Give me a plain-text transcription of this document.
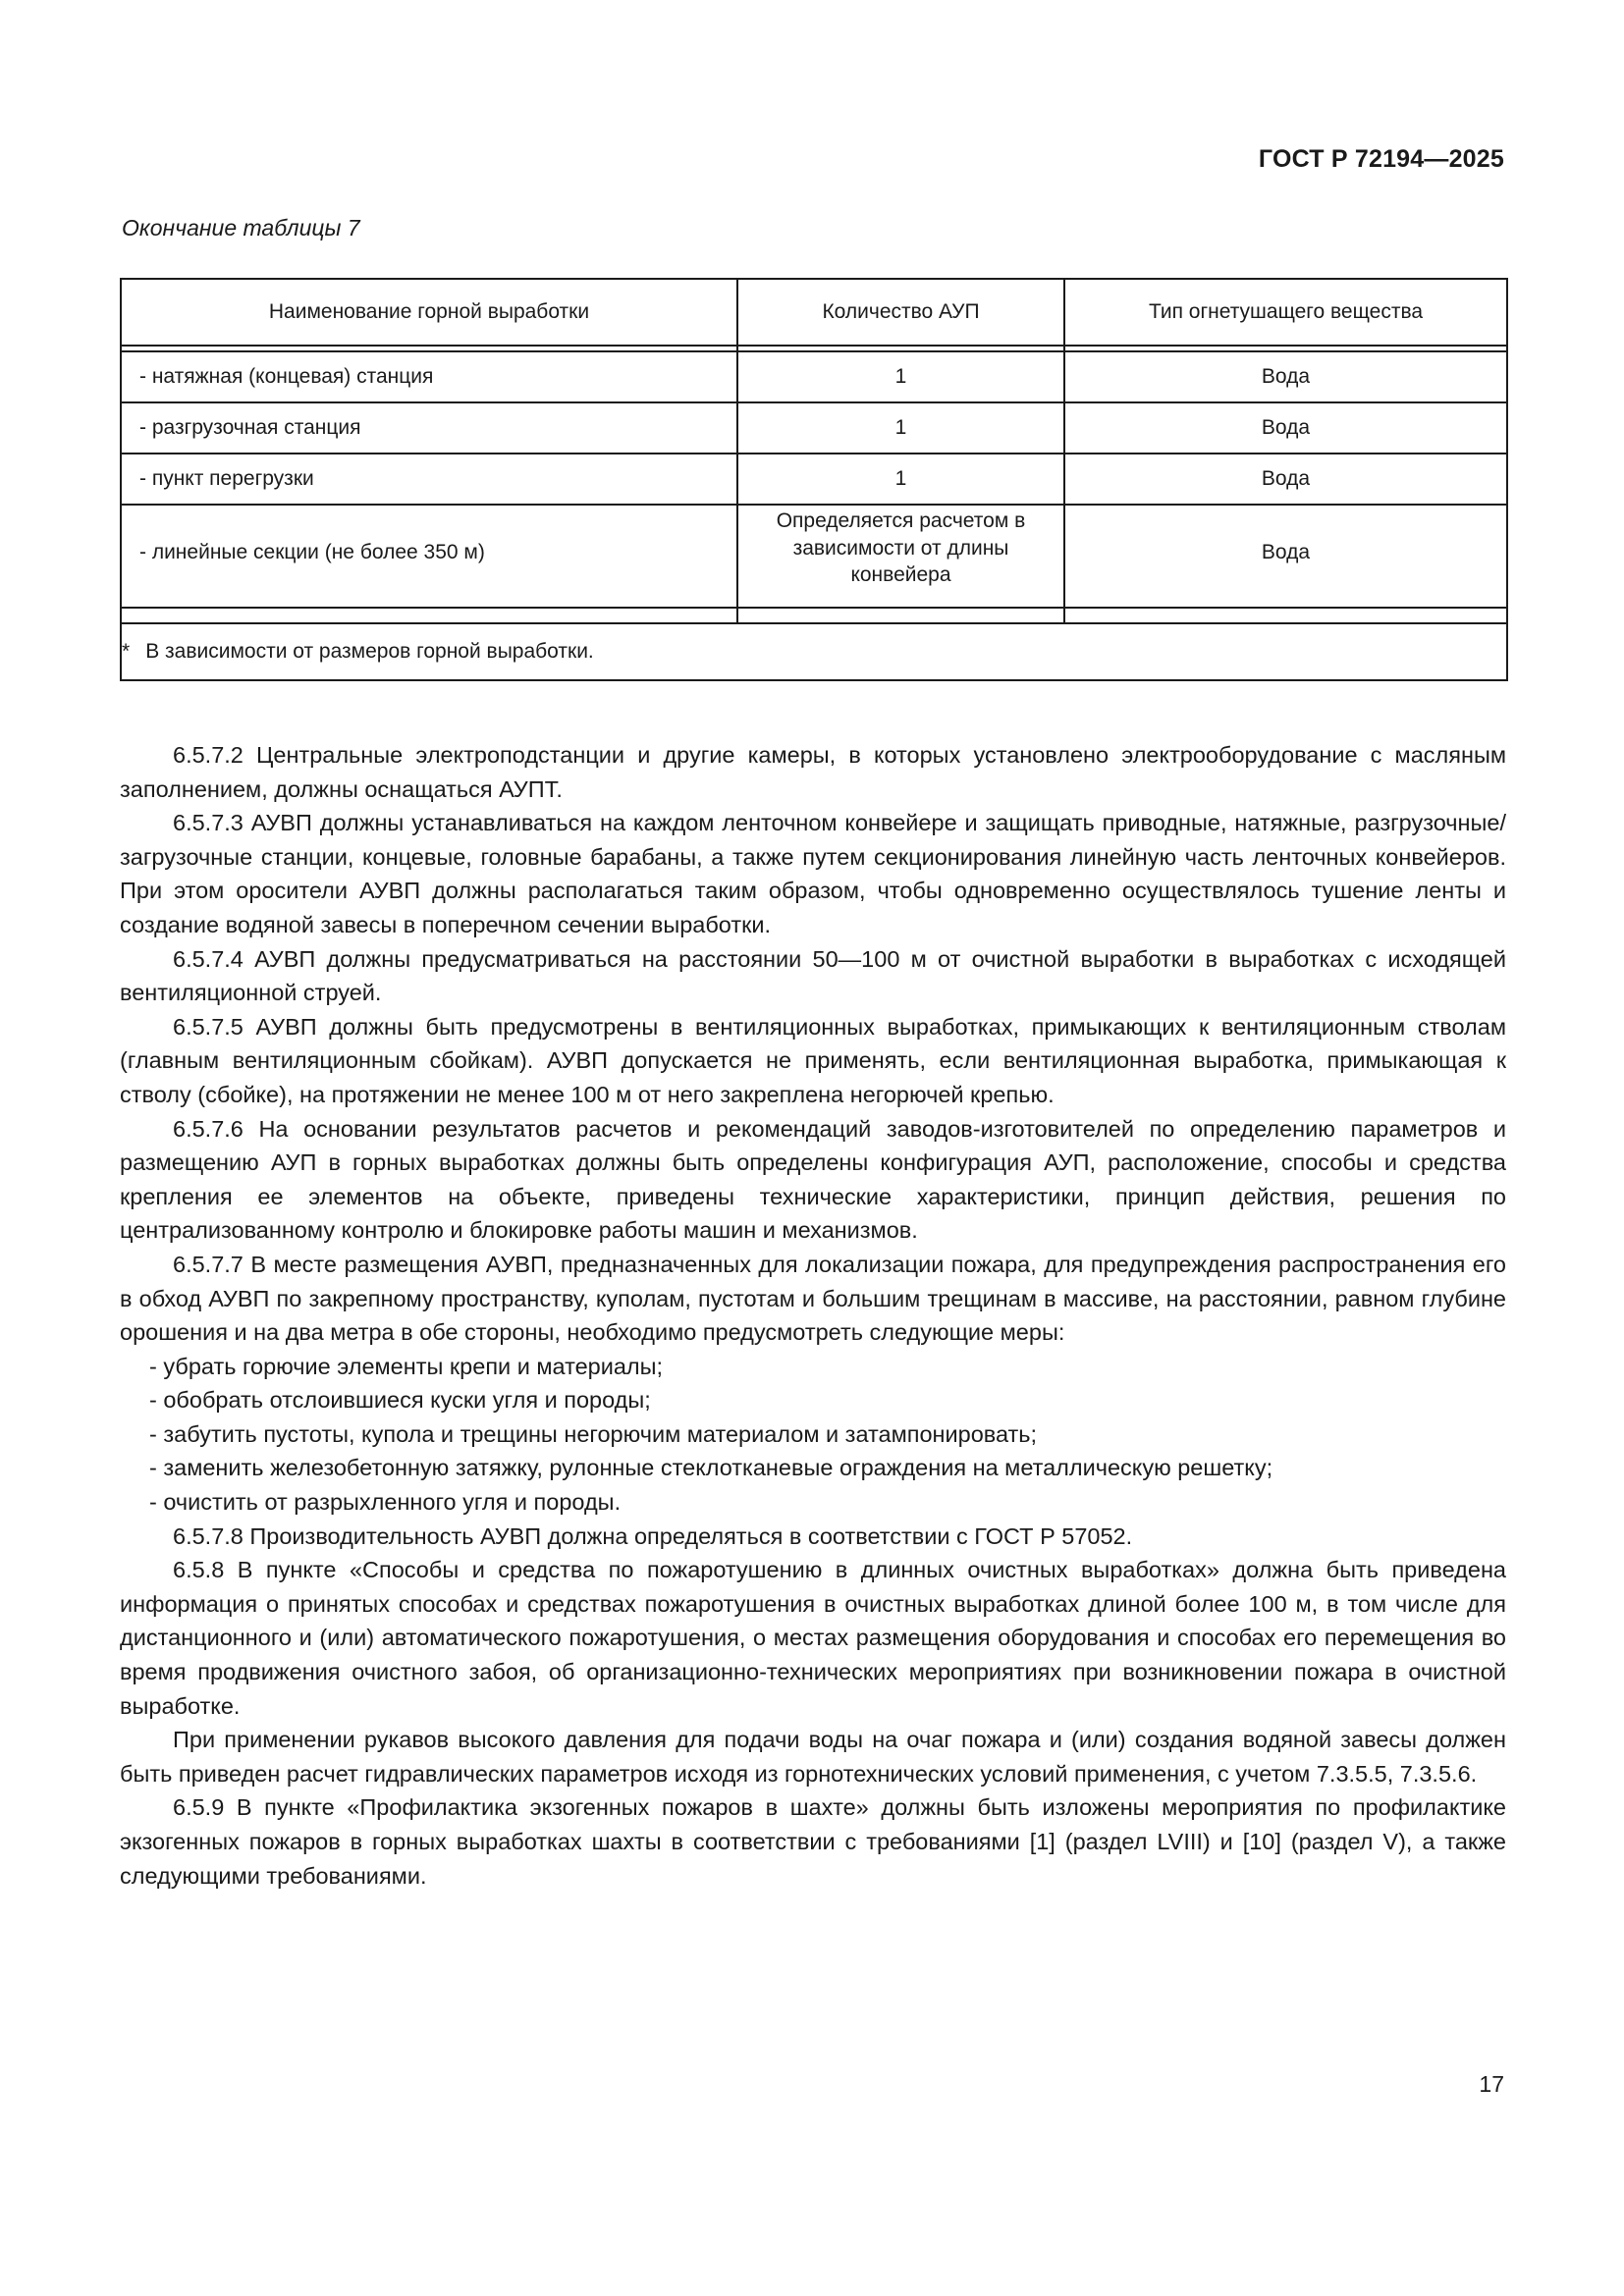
ГОСТ Р 72194—2025
Окончание таблицы 7
Наименование горной выработки	Количество АУП	Тип огнетушащего вещества

- натяжная (концевая) станция	1	Вода
- разгрузочная станция	1	Вода
- пункт перегрузки	1	Вода
- линейные секции (не более 350 м)	Определяется расчетом в зависимости от длины конвейера	Вода

* В зависимости от размеров горной выработки.		

6.5.7.2 Центральные электроподстанции и другие камеры, в которых установлено электрооборудование с масляным заполнением, должны оснащаться АУПТ.

6.5.7.3 АУВП должны устанавливаться на каждом ленточном конвейере и защищать приводные, натяжные, разгрузочные/загрузочные станции, концевые, головные барабаны, а также путем секционирования линейную часть ленточных конвейеров. При этом оросители АУВП должны располагаться таким образом, чтобы одновременно осуществлялось тушение ленты и создание водяной завесы в поперечном сечении выработки.

6.5.7.4 АУВП должны предусматриваться на расстоянии 50—100 м от очистной выработки в выработках с исходящей вентиляционной струей.

6.5.7.5 АУВП должны быть предусмотрены в вентиляционных выработках, примыкающих к вентиляционным стволам (главным вентиляционным сбойкам). АУВП допускается не применять, если вентиляционная выработка, примыкающая к стволу (сбойке), на протяжении не менее 100 м от него закреплена негорючей крепью.

6.5.7.6 На основании результатов расчетов и рекомендаций заводов-изготовителей по определению параметров и размещению АУП в горных выработках должны быть определены конфигурация АУП, расположение, способы и средства крепления ее элементов на объекте, приведены технические характеристики, принцип действия, решения по централизованному контролю и блокировке работы машин и механизмов.

6.5.7.7 В месте размещения АУВП, предназначенных для локализации пожара, для предупреждения распространения его в обход АУВП по закрепному пространству, куполам, пустотам и большим трещинам в массиве, на расстоянии, равном глубине орошения и на два метра в обе стороны, необходимо предусмотреть следующие меры:

- убрать горючие элементы крепи и материалы;

- обобрать отслоившиеся куски угля и породы;

- забутить пустоты, купола и трещины негорючим материалом и затампонировать;

- заменить железобетонную затяжку, рулонные стеклотканевые ограждения на металлическую решетку;

- очистить от разрыхленного угля и породы.

6.5.7.8 Производительность АУВП должна определяться в соответствии с ГОСТ Р 57052.

6.5.8 В пункте «Способы и средства по пожаротушению в длинных очистных выработках» должна быть приведена информация о принятых способах и средствах пожаротушения в очистных выработках длиной более 100 м, в том числе для дистанционного и (или) автоматического пожаротушения, о местах размещения оборудования и способах его перемещения во время продвижения очистного забоя, об организационно-технических мероприятиях при возникновении пожара в очистной выработке.

При применении рукавов высокого давления для подачи воды на очаг пожара и (или) создания водяной завесы должен быть приведен расчет гидравлических параметров исходя из горнотехнических условий применения, с учетом 7.3.5.5, 7.3.5.6.

6.5.9 В пункте «Профилактика экзогенных пожаров в шахте» должны быть изложены мероприятия по профилактике экзогенных пожаров в горных выработках шахты в соответствии с требованиями [1] (раздел LVIII) и [10] (раздел V), а также следующими требованиями.

17
